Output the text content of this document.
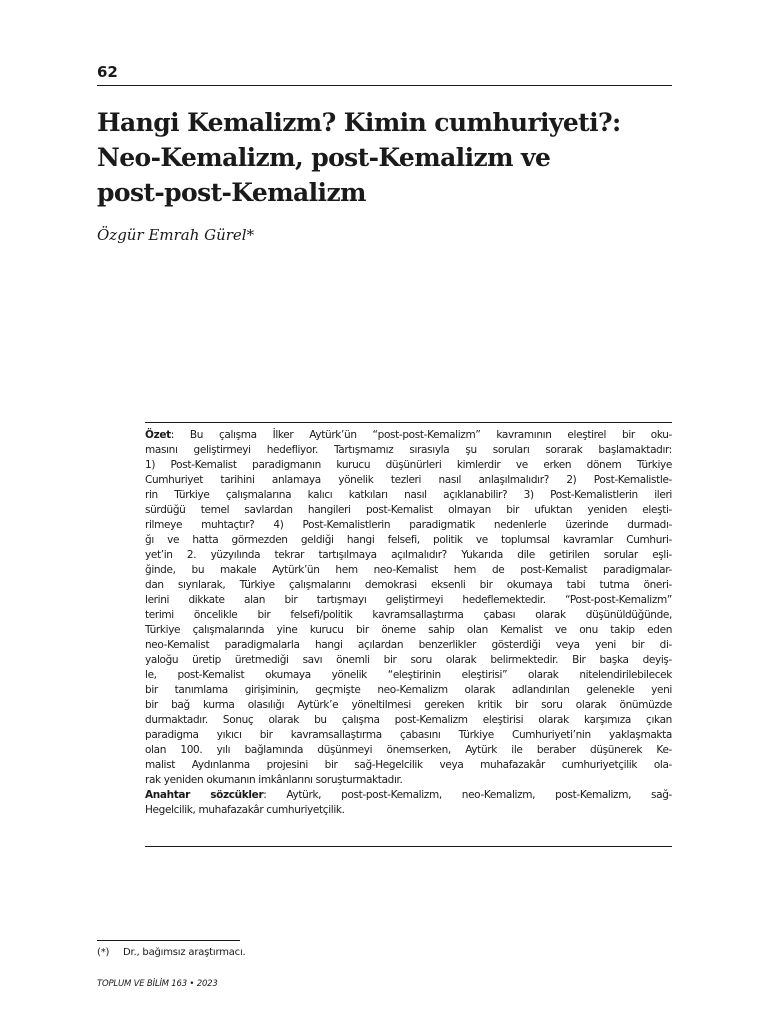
62
Hangi Kemalizm? Kimin cumhuriyeti?:
Neo-Kemalizm, post-Kemalizm ve
post-post-Kemalizm
Özgür Emrah Gürel*
Özet: Bu çalışma İlker Aytürk’ün “post-post-Kemalizm” kavramının eleştirel bir oku-
masını geliştirmeyi hedefliyor. Tartışmamız sırasıyla şu soruları sorarak başlamaktadır:
1) Post-Kemalist paradigmanın kurucu düşünürleri kimlerdir ve erken dönem Türkiye
Cumhuriyet tarihini anlamaya yönelik tezleri nasıl anlaşılmalıdır? 2) Post-Kemalistle-
rin Türkiye çalışmalarına kalıcı katkıları nasıl açıklanabilir? 3) Post-Kemalistlerin ileri
sürdüğü temel savlardan hangileri post-Kemalist olmayan bir ufuktan yeniden eleşti-
rilmeye muhtaçtır? 4) Post-Kemalistlerin paradigmatik nedenlerle üzerinde durmadı-
ğı ve hatta görmezden geldiği hangi felsefi, politik ve toplumsal kavramlar Cumhuri-
yet’in 2. yüzyılında tekrar tartışılmaya açılmalıdır? Yukarıda dile getirilen sorular eşli-
ğinde, bu makale Aytürk’ün hem neo-Kemalist hem de post-Kemalist paradigmalar-
dan sıyrılarak, Türkiye çalışmalarını demokrasi eksenli bir okumaya tabi tutma öneri-
lerini dikkate alan bir tartışmayı geliştirmeyi hedeflemektedir. “Post-post-Kemalizm”
terimi öncelikle bir felsefi/politik kavramsallaştırma çabası olarak düşünüldüğünde,
Türkiye çalışmalarında yine kurucu bir öneme sahip olan Kemalist ve onu takip eden
neo-Kemalist paradigmalarla hangi açılardan benzerlikler gösterdiği veya yeni bir di-
yaloğu üretip üretmediği savı önemli bir soru olarak belirmektedir. Bir başka deyiş-
le, post-Kemalist okumaya yönelik “eleştirinin eleştirisi” olarak nitelendirilebilecek
bir tanımlama girişiminin, geçmişte neo-Kemalizm olarak adlandırılan gelenekle yeni
bir bağ kurma olasılığı Aytürk’e yöneltilmesi gereken kritik bir soru olarak önümüzde
durmaktadır. Sonuç olarak bu çalışma post-Kemalizm eleştirisi olarak karşımıza çıkan
paradigma yıkıcı bir kavramsallaştırma çabasını Türkiye Cumhuriyeti’nin yaklaşmakta
olan 100. yılı bağlamında düşünmeyi önemserken, Aytürk ile beraber düşünerek Ke-
malist Aydınlanma projesini bir sağ-Hegelcilik veya muhafazakâr cumhuriyetçilik ola-
rak yeniden okumanın imkânlarını soruşturmaktadır.
Anahtar sözcükler: Aytürk, post-post-Kemalizm, neo-Kemalizm, post-Kemalizm, sağ-
Hegelcilik, muhafazakâr cumhuriyetçilik.
(*) Dr., bağımsız araştırmacı.
TOPLUM VE BİLİM 163 • 2023
